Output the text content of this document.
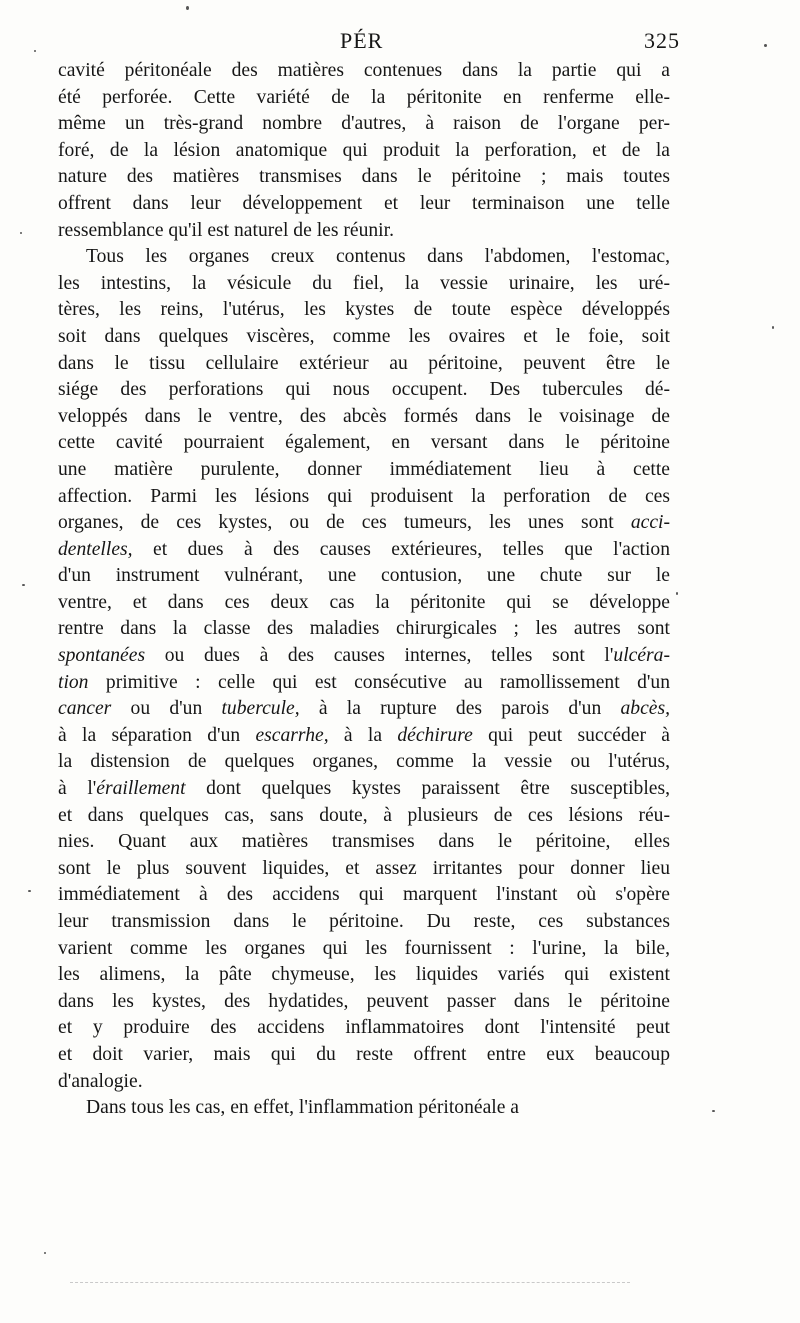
PÉR	325
cavité péritonéale des matières contenues dans la partie qui a
été perforée. Cette variété de la péritonite en renferme elle-
même un très-grand nombre d'autres, à raison de l'organe per-
foré, de la lésion anatomique qui produit la perforation, et de la
nature des matières transmises dans le péritoine ; mais toutes
offrent dans leur développement et leur terminaison une telle
ressemblance qu'il est naturel de les réunir.
Tous les organes creux contenus dans l'abdomen, l'estomac,
les intestins, la vésicule du fiel, la vessie urinaire, les uré-
tères, les reins, l'utérus, les kystes de toute espèce développés
soit dans quelques viscères, comme les ovaires et le foie, soit
dans le tissu cellulaire extérieur au péritoine, peuvent être le
siége des perforations qui nous occupent. Des tubercules dé-
veloppés dans le ventre, des abcès formés dans le voisinage de
cette cavité pourraient également, en versant dans le péritoine
une matière purulente, donner immédiatement lieu à cette
affection. Parmi les lésions qui produisent la perforation de ces
organes, de ces kystes, ou de ces tumeurs, les unes sont acci-
dentelles, et dues à des causes extérieures, telles que l'action
d'un instrument vulnérant, une contusion, une chute sur le
ventre, et dans ces deux cas la péritonite qui se développe
rentre dans la classe des maladies chirurgicales ; les autres sont
spontanées ou dues à des causes internes, telles sont l'ulcéra-
tion primitive : celle qui est consécutive au ramollissement d'un
cancer ou d'un tubercule, à la rupture des parois d'un abcès,
à la séparation d'un escarrhe, à la déchirure qui peut succéder à
la distension de quelques organes, comme la vessie ou l'utérus,
à l'éraillement dont quelques kystes paraissent être susceptibles,
et dans quelques cas, sans doute, à plusieurs de ces lésions réu-
nies. Quant aux matières transmises dans le péritoine, elles
sont le plus souvent liquides, et assez irritantes pour donner lieu
immédiatement à des accidens qui marquent l'instant où s'opère
leur transmission dans le péritoine. Du reste, ces substances
varient comme les organes qui les fournissent : l'urine, la bile,
les alimens, la pâte chymeuse, les liquides variés qui existent
dans les kystes, des hydatides, peuvent passer dans le péritoine
et y produire des accidens inflammatoires dont l'intensité peut
et doit varier, mais qui du reste offrent entre eux beaucoup
d'analogie.
Dans tous les cas, en effet, l'inflammation péritonéale a
